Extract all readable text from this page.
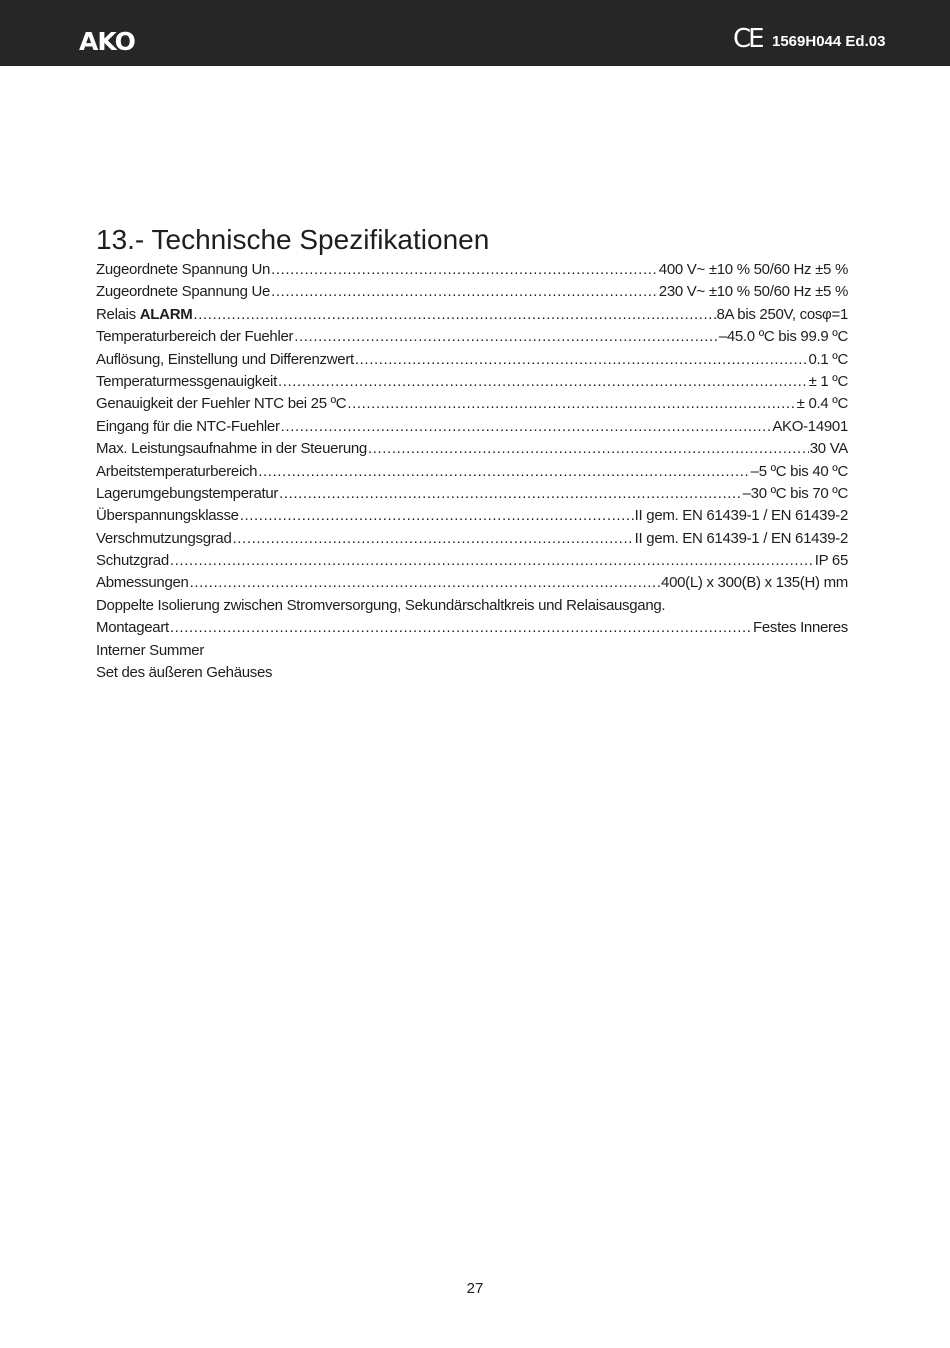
AKO	CE 1569H044 Ed.03
13.- Technische Spezifikationen
Zugeordnete Spannung Un .....	400 V~ ±10 % 50/60 Hz ±5 %
Zugeordnete Spannung Ue .....	230 V~ ±10 % 50/60 Hz ±5 %
Relais ALARM .....	8A bis 250V, cosφ=1
Temperaturbereich der Fuehler .....	–45.0 ºC bis 99.9 ºC
Auflösung, Einstellung und Differenzwert .....	0.1 ºC
Temperaturmessgenauigkeit .....	± 1 ºC
Genauigkeit der Fuehler NTC bei 25 ºC .....	± 0.4 ºC
Eingang für die NTC-Fuehler .....	AKO-14901
Max. Leistungsaufnahme in der Steuerung .....	30 VA
Arbeitstemperaturbereich .....	–5 ºC bis 40 ºC
Lagerumgebungstemperatur .....	–30 ºC bis 70 ºC
Überspannungsklasse .....	II gem. EN 61439-1 / EN 61439-2
Verschmutzungsgrad .....	II gem. EN 61439-1 / EN 61439-2
Schutzgrad .....	IP 65
Abmessungen .....	400(L) x 300(B) x 135(H) mm
Doppelte Isolierung zwischen Stromversorgung, Sekundärschaltkreis und Relaisausgang.
Montageart .....	Festes Inneres
Interner Summer
Set des äußeren Gehäuses
27
